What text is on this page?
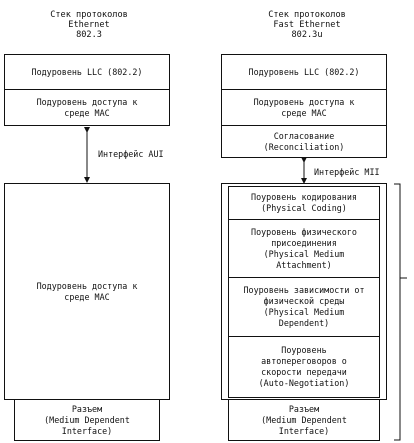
Стек протоколов
Ethernet
802.3
Стек протоколов
Fast Ethernet
802.3u
Подуровень LLC (802.2)
Подуровень доступа к
среде MAC
Подуровень доступа к
среде MAC
Разъем
(Medium Dependent
Interface)
Интерфейс AUI
Подуровень LLC (802.2)
Подуровень доступа к
среде MAC
Согласование
(Reconciliation)
Интерфейс MII
Поуровень кодирования
(Physical Coding)
Поуровень физического
присоединения
(Physical Medium
Attachment)
Поуровень зависимости от
физической среды
(Physical Medium
Dependent)
Поуровень
автопереговоров о
скорости передачи
(Auto-Negotiation)
Разъем
(Medium Dependent
Interface)
